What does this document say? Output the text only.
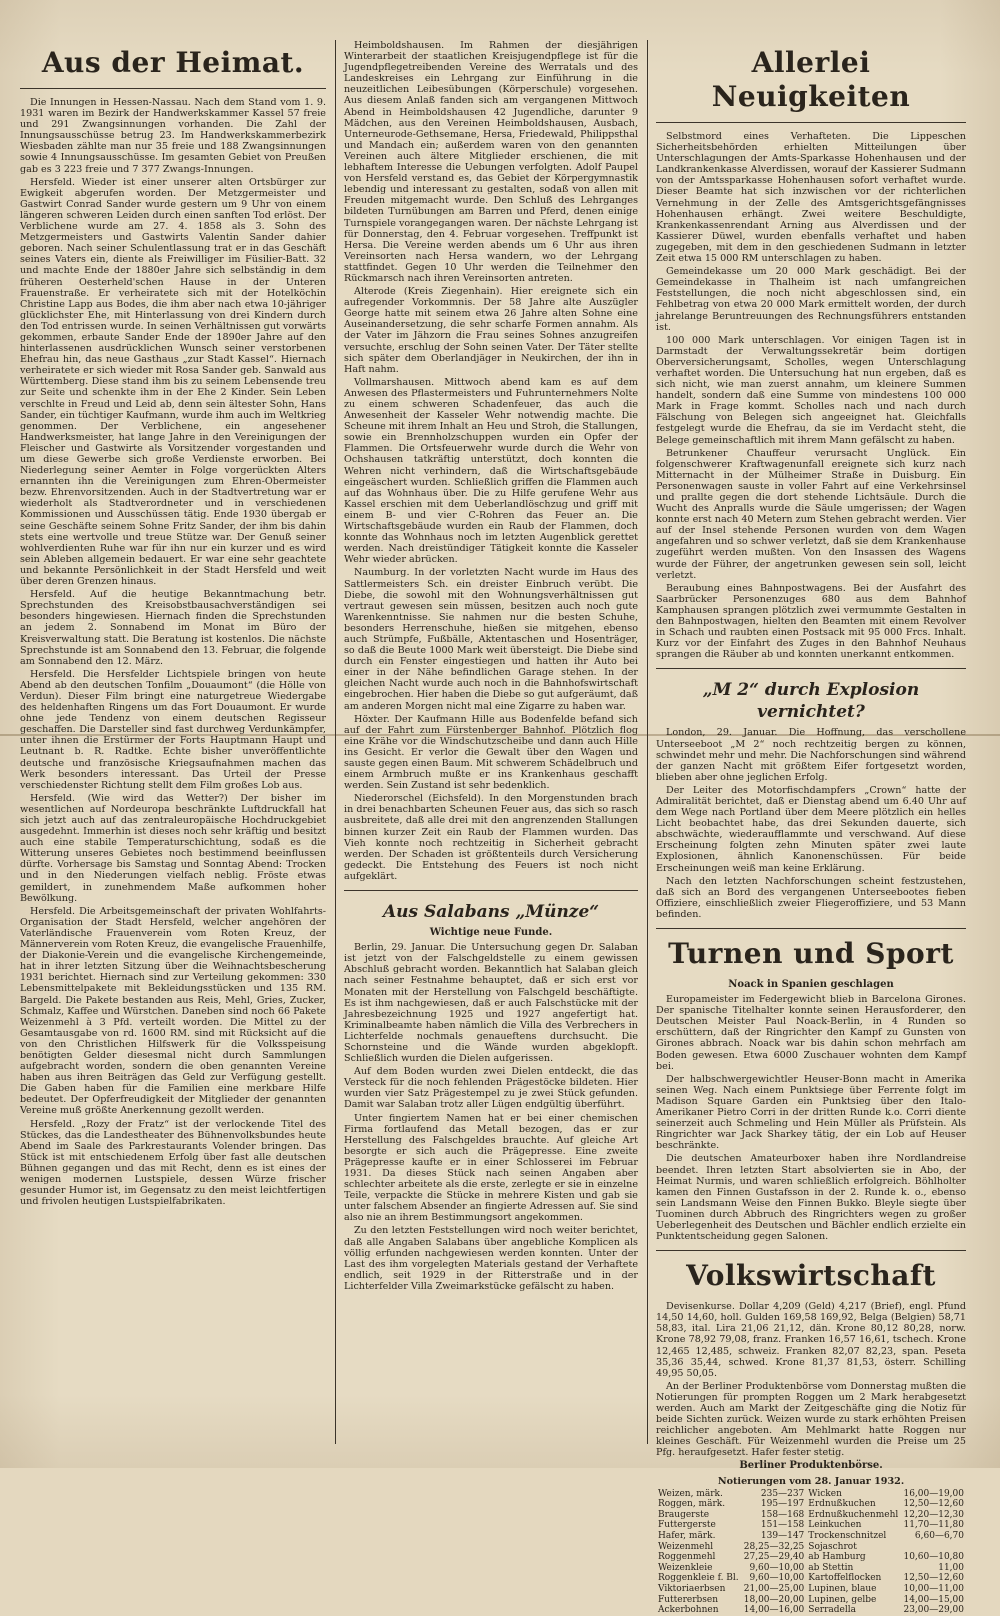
Aus der Heimat.

Die Innungen in Hessen-Nassau. Nach dem Stand vom 1. 9. 1931 waren im Bezirk der Handwerkskammer Kassel 57 freie und 291 Zwangsinnungen vorhanden. Die Zahl der Innungsausschüsse betrug 23. Im Handwerkskammerbezirk Wiesbaden zählte man nur 35 freie und 188 Zwangsinnungen sowie 4 Innungsausschüsse. Im gesamten Gebiet von Preußen gab es 3 223 freie und 7 377 Zwangs-Innungen.

Hersfeld. Wieder ist einer unserer alten Ortsbürger zur Ewigkeit abgerufen worden. Der Metzgermeister und Gastwirt Conrad Sander wurde gestern um 9 Uhr von einem längeren schweren Leiden durch einen sanften Tod erlöst. Der Verblichene wurde am 27. 4. 1858 als 3. Sohn des Metzgermeisters und Gastwirts Valentin Sander dahier geboren. Nach seiner Schulentlassung trat er in das Geschäft seines Vaters ein, diente als Freiwilliger im Füsilier-Batt. 32 und machte Ende der 1880er Jahre sich selbständig in dem früheren Oesterheld'schen Hause in der Unteren Frauenstraße. Er verheiratete sich mit der Hotelköchin Christine Lapp aus Bodes, die ihm aber nach etwa 10-jähriger glücklichster Ehe, mit Hinterlassung von drei Kindern durch den Tod entrissen wurde. In seinen Verhältnissen gut vorwärts gekommen, erbaute Sander Ende der 1890er Jahre auf den hinterlassenen ausdrücklichen Wunsch seiner verstorbenen Ehefrau hin, das neue Gasthaus „zur Stadt Kassel“. Hiernach verheiratete er sich wieder mit Rosa Sander geb. Sanwald aus Württemberg. Diese stand ihm bis zu seinem Lebensende treu zur Seite und schenkte ihm in der Ehe 2 Kinder. Sein Leben verschlte in Freud und Leid ab, denn sein ältester Sohn, Hans Sander, ein tüchtiger Kaufmann, wurde ihm auch im Weltkrieg genommen. Der Verblichene, ein angesehener Handwerksmeister, hat lange Jahre in den Vereinigungen der Fleischer und Gastwirte als Vorsitzender vorgestanden und um diese Gewerbe sich große Verdienste erworben. Bei Niederlegung seiner Aemter in Folge vorgerückten Alters ernannten ihn die Vereinigungen zum Ehren-Obermeister bezw. Ehrenvorsitzenden. Auch in der Stadtvertretung war er wiederholt als Stadtverordneter und in verschiedenen Kommissionen und Ausschüssen tätig. Ende 1930 übergab er seine Geschäfte seinem Sohne Fritz Sander, der ihm bis dahin stets eine wertvolle und treue Stütze war. Der Genuß seiner wohlverdienten Ruhe war für ihn nur ein kurzer und es wird sein Ableben allgemein bedauert. Er war eine sehr geachtete und bekannte Persönlichkeit in der Stadt Hersfeld und weit über deren Grenzen hinaus.

Hersfeld. Auf die heutige Bekanntmachung betr. Sprechstunden des Kreisobstbausachverständigen sei besonders hingewiesen. Hiernach finden die Sprechstunden an jedem 2. Sonnabend im Monat im Büro der Kreisverwaltung statt. Die Beratung ist kostenlos. Die nächste Sprechstunde ist am Sonnabend den 13. Februar, die folgende am Sonnabend den 12. März.

Hersfeld. Die Hersfelder Lichtspiele bringen von heute Abend ab den deutschen Tonfilm „Douaumont“ (die Hölle von Verdun). Dieser Film bringt eine naturgetreue Wiedergabe des heldenhaften Ringens um das Fort Douaumont. Er wurde ohne jede Tendenz von einem deutschen Regisseur geschaffen. Die Darsteller sind fast durchweg Verdunkämpfer, unter ihnen die Erstürmer der Forts Hauptmann Haupt und Leutnant b. R. Radtke. Echte bisher unveröffentlichte deutsche und französische Kriegsaufnahmen machen das Werk besonders interessant. Das Urteil der Presse verschiedenster Richtung stellt dem Film großes Lob aus.

Hersfeld. (Wie wird das Wetter?) Der bisher im wesentlichen auf Nordeuropa beschränkte Luftdruckfall hat sich jetzt auch auf das zentraleuropäische Hochdruckgebiet ausgedehnt. Immerhin ist dieses noch sehr kräftig und besitzt auch eine stabile Temperaturschichtung, sodaß es die Witterung unseres Gebietes noch bestimmend beeinflussen dürfte. Vorhersage bis Samstag und Sonntag Abend: Trocken und in den Niederungen vielfach neblig. Fröste etwas gemildert, in zunehmendem Maße aufkommen hoher Bewölkung.

Hersfeld. Die Arbeitsgemeinschaft der privaten Wohlfahrts-Organisation der Stadt Hersfeld, welcher angehören der Vaterländische Frauenverein vom Roten Kreuz, der Männerverein vom Roten Kreuz, die evangelische Frauenhilfe, der Diakonie-Verein und die evangelische Kirchengemeinde, hat in ihrer letzten Sitzung über die Weihnachtsbescherung 1931 berichtet. Hiernach sind zur Verteilung gekommen: 330 Lebensmittelpakete mit Bekleidungsstücken und 135 RM. Bargeld. Die Pakete bestanden aus Reis, Mehl, Gries, Zucker, Schmalz, Kaffee und Würstchen. Daneben sind noch 66 Pakete Weizenmehl à 3 Pfd. verteilt worden. Die Mittel zu der Gesamtausgabe von rd. 1600 RM. sind mit Rücksicht auf die von den Christlichen Hilfswerk für die Volksspeisung benötigten Gelder diesesmal nicht durch Sammlungen aufgebracht worden, sondern die oben genannten Vereine haben aus ihren Beiträgen das Geld zur Verfügung gestellt. Die Gaben haben für die Familien eine merkbare Hilfe bedeutet. Der Opferfreudigkeit der Mitglieder der genannten Vereine muß größte Anerkennung gezollt werden.

Hersfeld. „Rozy der Fratz“ ist der verlockende Titel des Stückes, das die Landestheater des Bühnenvolksbundes heute Abend im Saale des Parkrestaurants Volender bringen. Das Stück ist mit entschiedenem Erfolg über fast alle deutschen Bühnen gegangen und das mit Recht, denn es ist eines der wenigen modernen Lustspiele, dessen Würze frischer gesunder Humor ist, im Gegensatz zu den meist leichtfertigen und frivolen heutigen Lustspielfabrikaten.

Heimboldshausen. Im Rahmen der diesjährigen Winterarbeit der staatlichen Kreisjugendpflege ist für die Jugendpflegetreibenden Vereine des Werratals und des Landeskreises ein Lehrgang zur Einführung in die neuzeitlichen Leibesübungen (Körperschule) vorgesehen. Aus diesem Anlaß fanden sich am vergangenen Mittwoch Abend in Heimboldshausen 42 Jugendliche, darunter 9 Mädchen, aus den Vereinen Heimboldshausen, Ausbach, Unterneurode-Gethsemane, Hersa, Friedewald, Philippsthal und Mandach ein; außerdem waren von den genannten Vereinen auch ältere Mitglieder erschienen, die mit lebhaftem Interesse die Uebungen verfolgten. Adolf Paupel von Hersfeld verstand es, das Gebiet der Körpergymnastik lebendig und interessant zu gestalten, sodaß von allen mit Freuden mitgemacht wurde. Den Schluß des Lehrganges bildeten Turnübungen am Barren und Pferd, denen einige Turnspiele vorangegangen waren. Der nächste Lehrgang ist für Donnerstag, den 4. Februar vorgesehen. Treffpunkt ist Hersa. Die Vereine werden abends um 6 Uhr aus ihren Vereinsorten nach Hersa wandern, wo der Lehrgang stattfindet. Gegen 10 Uhr werden die Teilnehmer den Rückmarsch nach ihren Vereinsorten antreten.

Alterode (Kreis Ziegenhain). Hier ereignete sich ein aufregender Vorkommnis. Der 58 Jahre alte Auszügler George hatte mit seinem etwa 26 Jahre alten Sohne eine Auseinandersetzung, die sehr scharfe Formen annahm. Als der Vater im Jähzorn die Frau seines Sohnes anzugreifen versuchte, erschlug der Sohn seinen Vater. Der Täter stellte sich später dem Oberlandjäger in Neukirchen, der ihn in Haft nahm.

Vollmarshausen. Mittwoch abend kam es auf dem Anwesen des Pflastermeisters und Fuhrunternehmers Nolte zu einem schweren Schadenfeuer, das auch die Anwesenheit der Kasseler Wehr notwendig machte. Die Scheune mit ihrem Inhalt an Heu und Stroh, die Stallungen, sowie ein Brennholzschuppen wurden ein Opfer der Flammen. Die Ortsfeuerwehr wurde durch die Wehr von Ochshausen tatkräftig unterstützt, doch konnten die Wehren nicht verhindern, daß die Wirtschaftsgebäude eingeäschert wurden. Schließlich griffen die Flammen auch auf das Wohnhaus über. Die zu Hilfe gerufene Wehr aus Kassel erschien mit dem Ueberlandlöschzug und griff mit einem B- und vier C-Rohren das Feuer an. Die Wirtschaftsgebäude wurden ein Raub der Flammen, doch konnte das Wohnhaus noch im letzten Augenblick gerettet werden. Nach dreistündiger Tätigkeit konnte die Kasseler Wehr wieder abrücken.

Naumburg. In der vorletzten Nacht wurde im Haus des Sattlermeisters Sch. ein dreister Einbruch verübt. Die Diebe, die sowohl mit den Wohnungsverhältnissen gut vertraut gewesen sein müssen, besitzen auch noch gute Warenkenntnisse. Sie nahmen nur die besten Schuhe, besonders Herrenschuhe, hießen sie mitgehen, ebenso auch Strümpfe, Fußbälle, Aktentaschen und Hosenträger, so daß die Beute 1000 Mark weit übersteigt. Die Diebe sind durch ein Fenster eingestiegen und hatten ihr Auto bei einer in der Nähe befindlichen Garage stehen. In der gleichen Nacht wurde auch noch in die Bahnhofswirtschaft eingebrochen. Hier haben die Diebe so gut aufgeräumt, daß am anderen Morgen nicht mal eine Zigarre zu haben war.

Höxter. Der Kaufmann Hille aus Bodenfelde befand sich auf der Fahrt zum Fürstenberger Bahnhof. Plötzlich flog eine Krähe vor die Windschutzscheibe und dann auch Hille ins Gesicht. Er verlor die Gewalt über den Wagen und sauste gegen einen Baum. Mit schwerem Schädelbruch und einem Armbruch mußte er ins Krankenhaus geschafft werden. Sein Zustand ist sehr bedenklich.

Niederorschel (Eichsfeld). In den Morgenstunden brach in drei benachbarten Scheunen Feuer aus, das sich so rasch ausbreitete, daß alle drei mit den angrenzenden Stallungen binnen kurzer Zeit ein Raub der Flammen wurden. Das Vieh konnte noch rechtzeitig in Sicherheit gebracht werden. Der Schaden ist größtenteils durch Versicherung gedeckt. Die Entstehung des Feuers ist noch nicht aufgeklärt.

Aus Salabans „Münze“
Wichtige neue Funde.

Berlin, 29. Januar. Die Untersuchung gegen Dr. Salaban ist jetzt von der Falschgeldstelle zu einem gewissen Abschluß gebracht worden. Bekanntlich hat Salaban gleich nach seiner Festnahme behauptet, daß er sich erst vor Monaten mit der Herstellung von Falschgeld beschäftigte. Es ist ihm nachgewiesen, daß er auch Falschstücke mit der Jahresbezeichnung 1925 und 1927 angefertigt hat. Kriminalbeamte haben nämlich die Villa des Verbrechers in Lichterfelde nochmals genaueftens durchsucht. Die Schornsteine und die Wände wurden abgeklopft. Schließlich wurden die Dielen aufgerissen.

Auf dem Boden wurden zwei Dielen entdeckt, die das Versteck für die noch fehlenden Prägestöcke bildeten. Hier wurden vier Satz Prägestempel zu je zwei Stück gefunden. Damit war Salaban trotz aller Lügen endgültig überführt.

Unter fingiertem Namen hat er bei einer chemischen Firma fortlaufend das Metall bezogen, das er zur Herstellung des Falschgeldes brauchte. Auf gleiche Art besorgte er sich auch die Prägepresse. Eine zweite Prägepresse kaufte er in einer Schlosserei im Februar 1931. Da dieses Stück nach seinen Angaben aber schlechter arbeitete als die erste, zerlegte er sie in einzelne Teile, verpackte die Stücke in mehrere Kisten und gab sie unter falschem Absender an fingierte Adressen auf. Sie sind also nie an ihrem Bestimmungsort angekommen.

Zu den letzten Feststellungen wird noch weiter berichtet, daß alle Angaben Salabans über angebliche Komplicen als völlig erfunden nachgewiesen werden konnten. Unter der Last des ihm vorgelegten Materials gestand der Verhaftete endlich, seit 1929 in der Ritterstraße und in der Lichterfelder Villa Zweimarkstücke gefälscht zu haben.

Allerlei Neuigkeiten

Selbstmord eines Verhafteten. Die Lippeschen Sicherheitsbehörden erhielten Mitteilungen über Unterschlagungen der Amts-Sparkasse Hohenhausen und der Landkrankenkasse Alverdissen, worauf der Kassierer Sudmann von der Amtssparkasse Hohenhausen sofort verhaftet wurde. Dieser Beamte hat sich inzwischen vor der richterlichen Vernehmung in der Zelle des Amtsgerichtsgefängnisses Hohenhausen erhängt. Zwei weitere Beschuldigte, Krankenkassenrendant Arning aus Alverdissen und der Kassierer Düwel, wurden ebenfalls verhaftet und haben zugegeben, mit dem in den geschiedenen Sudmann in letzter Zeit etwa 15 000 RM unterschlagen zu haben.

Gemeindekasse um 20 000 Mark geschädigt. Bei der Gemeindekasse in Thalheim ist nach umfangreichen Feststellungen, die noch nicht abgeschlossen sind, ein Fehlbetrag von etwa 20 000 Mark ermittelt worden, der durch jahrelange Beruntreuungen des Rechnungsführers entstanden ist.

100 000 Mark unterschlagen. Vor einigen Tagen ist in Darmstadt der Verwaltungssekretär beim dortigen Oberversicherungsamt, Scholles, wegen Unterschlagung verhaftet worden. Die Untersuchung hat nun ergeben, daß es sich nicht, wie man zuerst annahm, um kleinere Summen handelt, sondern daß eine Summe von mindestens 100 000 Mark in Frage kommt. Scholles nach und nach durch Fälschung von Belegen sich angeeignet hat. Gleichfalls festgelegt wurde die Ehefrau, da sie im Verdacht steht, die Belege gemeinschaftlich mit ihrem Mann gefälscht zu haben.

Betrunkener Chauffeur verursacht Unglück. Ein folgenschwerer Kraftwagenunfall ereignete sich kurz nach Mitternacht in der Mülheimer Straße in Duisburg. Ein Personenwagen sauste in voller Fahrt auf eine Verkehrsinsel und prallte gegen die dort stehende Lichtsäule. Durch die Wucht des Anpralls wurde die Säule umgerissen; der Wagen konnte erst nach 40 Metern zum Stehen gebracht werden. Vier auf der Insel stehende Personen wurden von dem Wagen angefahren und so schwer verletzt, daß sie dem Krankenhause zugeführt werden mußten. Von den Insassen des Wagens wurde der Führer, der angetrunken gewesen sein soll, leicht verletzt.

Beraubung eines Bahnpostwagens. Bei der Ausfahrt des Saarbrücker Personenzuges 680 aus dem Bahnhof Kamphausen sprangen plötzlich zwei vermummte Gestalten in den Bahnpostwagen, hielten den Beamten mit einem Revolver in Schach und raubten einen Postsack mit 95 000 Frcs. Inhalt. Kurz vor der Einfahrt des Zuges in den Bahnhof Neuhaus sprangen die Räuber ab und konnten unerkannt entkommen.

„M 2“ durch Explosion vernichtet?

London, 29. Januar. Die Hoffnung, das verschollene Unterseeboot „M 2“ noch rechtzeitig bergen zu können, schwindet mehr und mehr. Die Nachforschungen sind während der ganzen Nacht mit größtem Eifer fortgesetzt worden, blieben aber ohne jeglichen Erfolg.

Der Leiter des Motorfischdampfers „Crown“ hatte der Admiralität berichtet, daß er Dienstag abend um 6.40 Uhr auf dem Wege nach Portland über dem Meere plötzlich ein helles Licht beobachtet habe, das drei Sekunden dauerte, sich abschwächte, wiederaufflammte und verschwand. Auf diese Erscheinung folgten zehn Minuten später zwei laute Explosionen, ähnlich Kanonenschüssen. Für beide Erscheinungen weiß man keine Erklärung.

Nach den letzten Nachforschungen scheint festzustehen, daß sich an Bord des vergangenen Unterseebootes fieben Offiziere, einschließlich zweier Fliegeroffiziere, und 53 Mann befinden.

Turnen und Sport
Noack in Spanien geschlagen

Europameister im Federgewicht blieb in Barcelona Girones. Der spanische Titelhalter konnte seinen Herausforderer, den Deutschen Meister Paul Noack-Berlin, in 4 Runden so erschüttern, daß der Ringrichter den Kampf zu Gunsten von Girones abbrach. Noack war bis dahin schon mehrfach am Boden gewesen. Etwa 6000 Zuschauer wohnten dem Kampf bei.

Der halbschwergewichtler Heuser-Bonn macht in Amerika seinen Weg. Nach einem Punktsiege über Ferrente folgt im Madison Square Garden ein Punktsieg über den Italo-Amerikaner Pietro Corri in der dritten Runde k.o. Corri diente seinerzeit auch Schmeling und Hein Müller als Prüfstein. Als Ringrichter war Jack Sharkey tätig, der ein Lob auf Heuser beschränkte.

Die deutschen Amateurboxer haben ihre Nordlandreise beendet. Ihren letzten Start absolvierten sie in Abo, der Heimat Nurmis, und waren schließlich erfolgreich. Böhlholter kamen den Finnen Gustafsson in der 2. Runde k. o., ebenso sein Landsmann Weise den Finnen Bukko. Bleyle siegte über Tuominen durch Abbruch des Ringrichters wegen zu großer Ueberlegenheit des Deutschen und Bächler endlich erzielte ein Punktentscheidung gegen Salonen.

Volkswirtschaft

Devisenkurse. Dollar 4,209 (Geld) 4,217 (Brief), engl. Pfund 14,50 14,60, holl. Gulden 169,58 169,92, Belga (Belgien) 58,71 58,83, ital. Lira 21,06 21,12, dän. Krone 80,12 80,28, norw. Krone 78,92 79,08, franz. Franken 16,57 16,61, tschech. Krone 12,465 12,485, schweiz. Franken 82,07 82,23, span. Peseta 35,36 35,44, schwed. Krone 81,37 81,53, österr. Schilling 49,95 50,05.

An der Berliner Produktenbörse vom Donnerstag mußten die Notierungen für prompten Roggen um 2 Mark herabgesetzt werden. Auch am Markt der Zeitgeschäfte ging die Notiz für beide Sichten zurück. Weizen wurde zu stark erhöhten Preisen reichlicher angeboten. Am Mehlmarkt hatte Roggen nur kleines Geschäft. Für Weizenmehl wurden die Preise um 25 Pfg. heraufgesetzt. Hafer fester stetig.

Berliner Produktenbörse.
Notierungen vom 28. Januar 1932.
Weizen, märk.	235—237	Wicken	16,00—19,00
Roggen, märk.	195—197	Erdnußkuchen	12,50—12,60
Braugerste	158—168	Erdnußkuchenmehl	12,20—12,30
Futtergerste	151—158	Leinkuchen	11,70—11,80
Hafer, märk.	139—147	Trockenschnitzel	6,60—6,70
Weizenmehl	28,25—32,25	Sojaschrot	
Roggenmehl	27,25—29,40	ab Hamburg	10,60—10,80
Weizenkleie	9,60—10,00	ab Stettin	11,00
Roggenkleie f. Bl.	9,60—10,00	Kartoffelflocken	12,50—12,60
Viktoriaerbsen	21,00—25,00	Lupinen, blaue	10,00—11,00
Futtererbsen	18,00—20,00	Lupinen, gelbe	14,00—15,00
Ackerbohnen	14,00—16,00	Serradella	23,00—29,00
